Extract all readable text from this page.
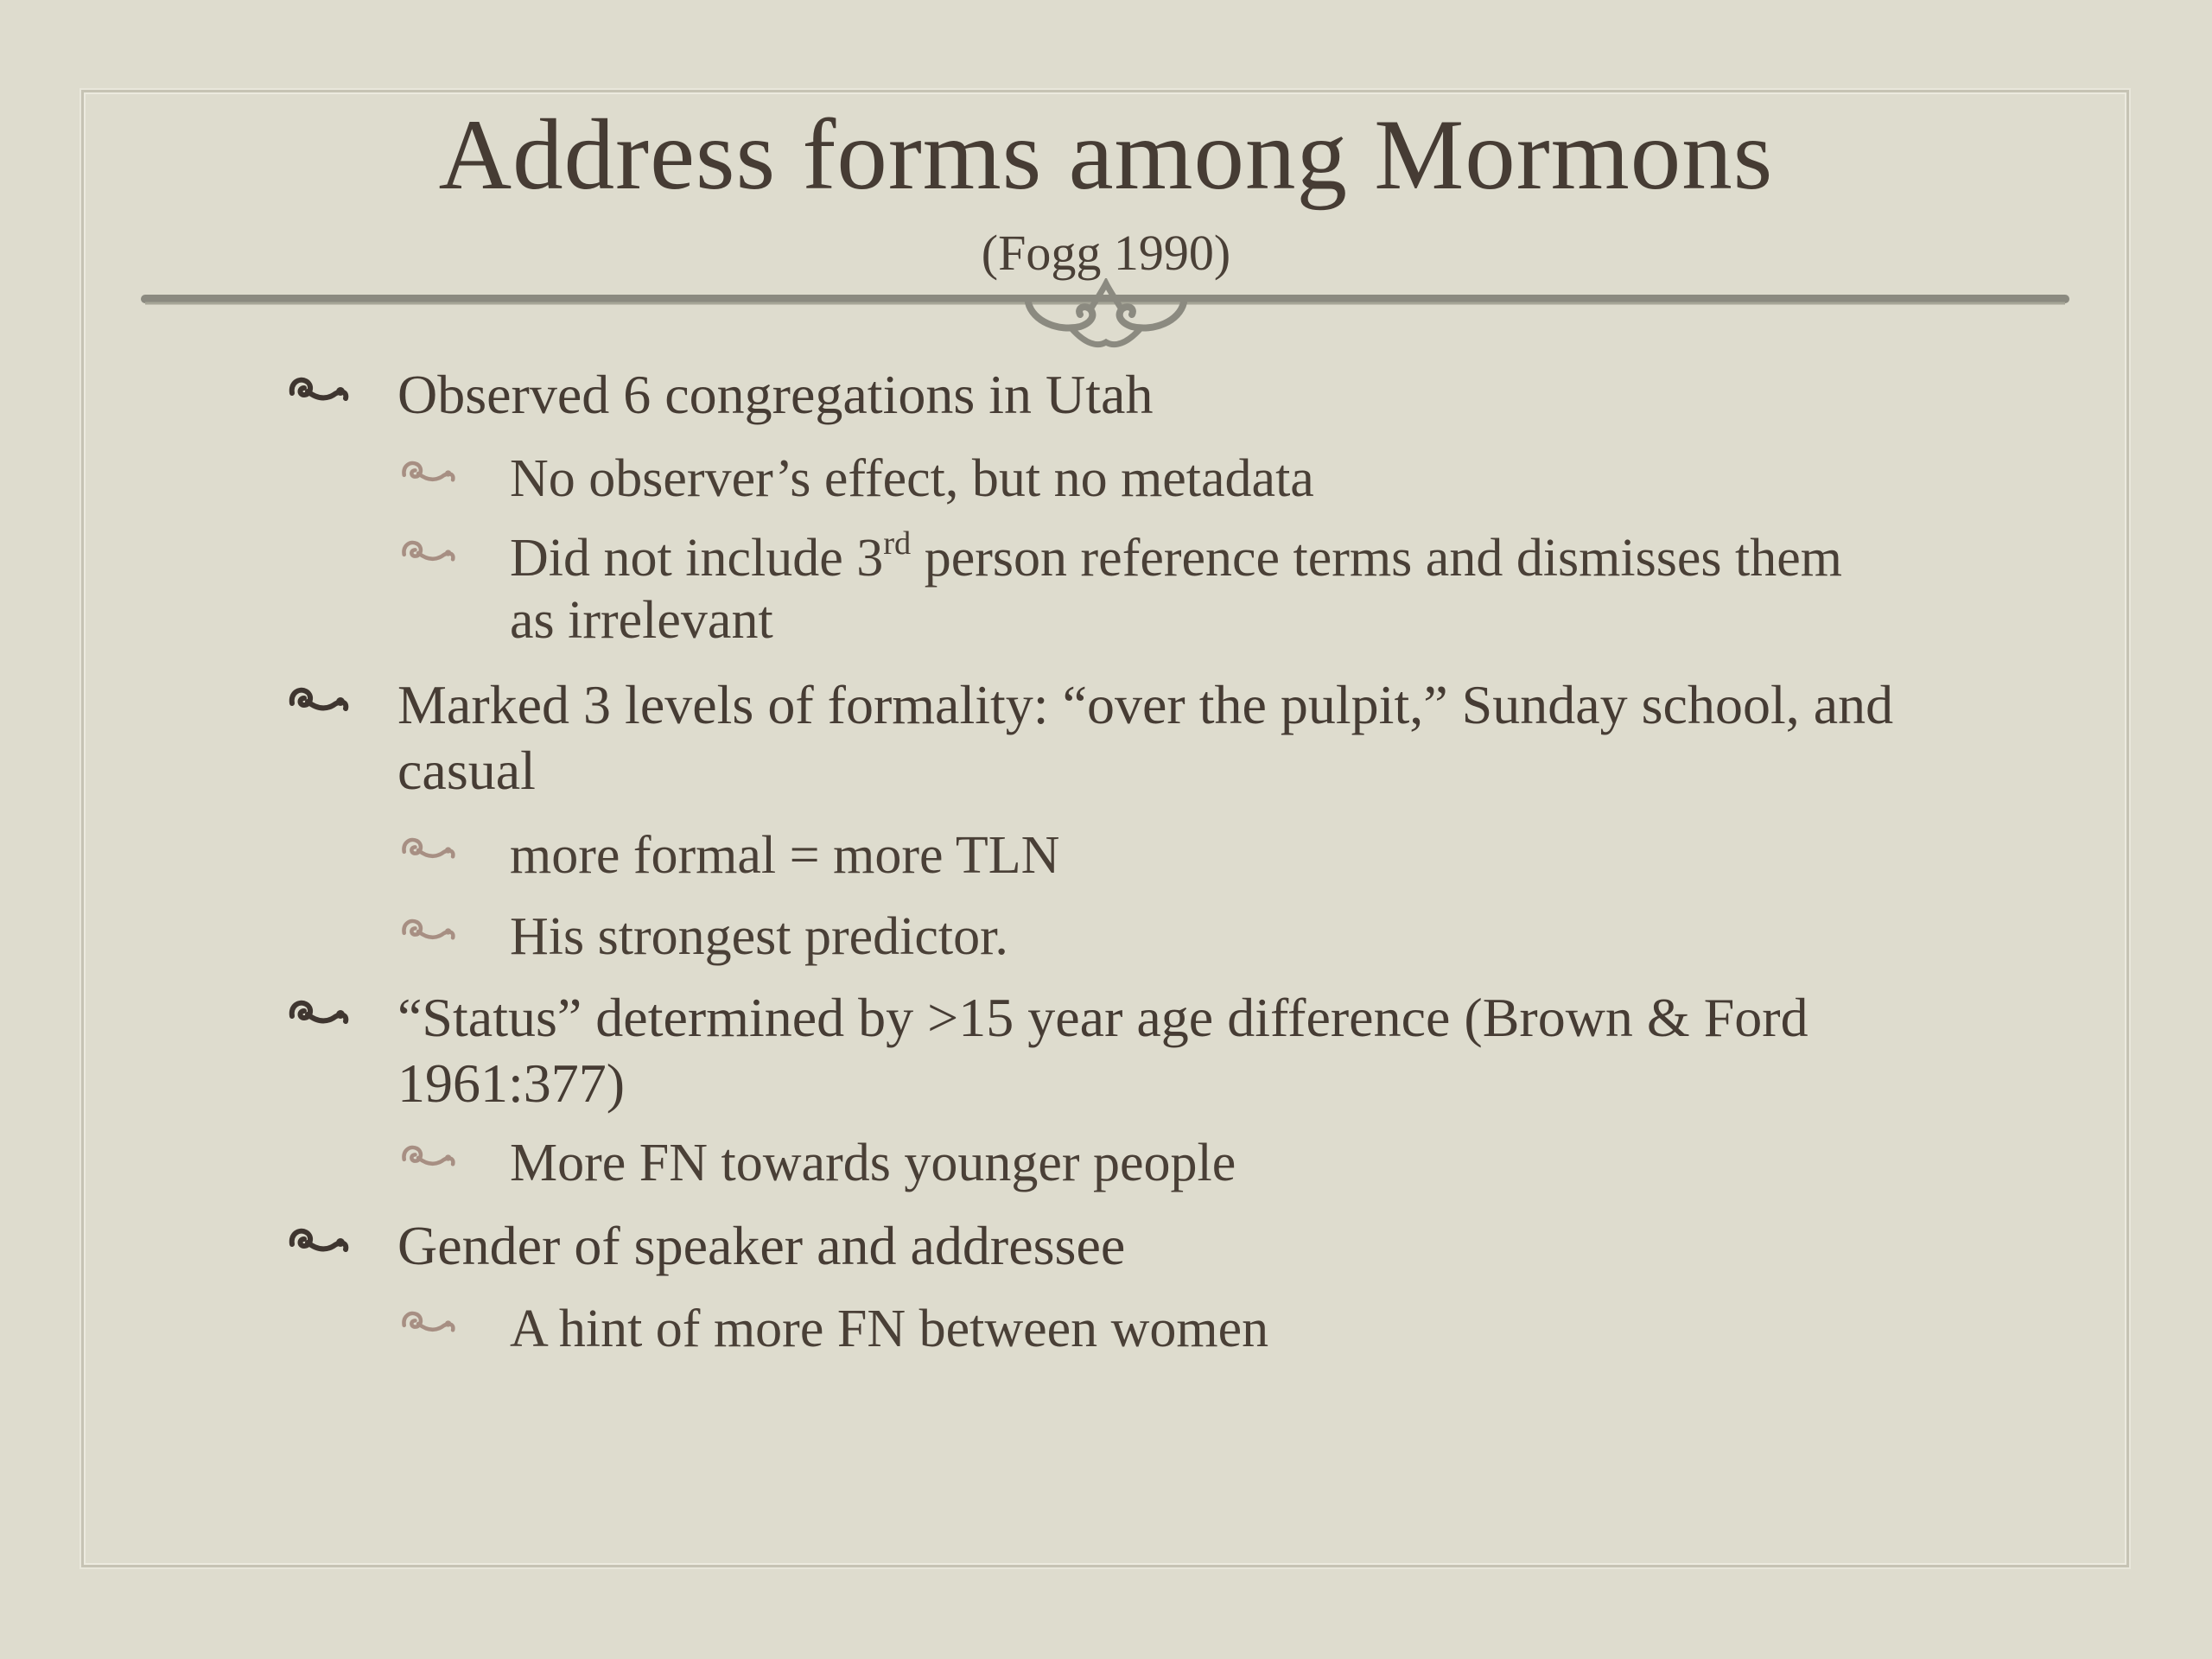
Address forms among Mormons
(Fogg 1990)
Observed 6 congregations in Utah
No observer’s effect, but no metadata
Did not include 3rd person reference terms and dismisses them as irrelevant
Marked 3 levels of formality: “over the pulpit,” Sunday school, and casual
more formal = more TLN
His strongest predictor.
“Status” determined by >15 year age difference (Brown & Ford 1961:377)
More FN towards younger people
Gender of speaker and addressee
A hint of more FN between women
